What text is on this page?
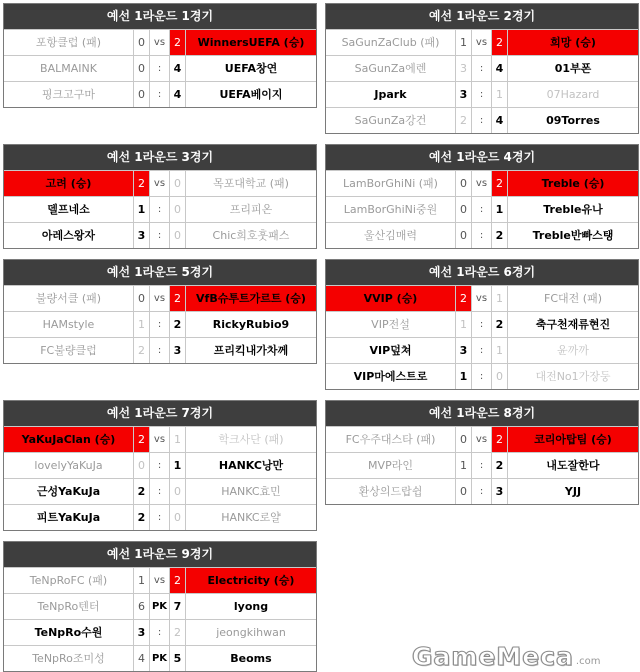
예선 1라운드 1경기
포항클럽 (패)	0 vs 2	WinnersUEFA (승)
BALMAINK	0	:	4	UEFA창연
핑크고구마	0	:	4	UEFA베이지
예선 1라운드 2경기
SaGunZaClub (패)	1 vs 2	희망 (승)
SaGunZa에렌	3	:	4	01부폰
Jpark	3	:	1	07Hazard
SaGunZa강건	2	:	4	09Torres
예선 1라운드 3경기
고려 (승)	2 vs 0	목포대학교 (패)
델프네소	1	:	0	프리피온
아레스왕자	3	:	0	Chic희호훗패스
예선 1라운드 4경기
LamBorGhiNi (패)	0 vs 2	Treble (승)
LamBorGhiNi중원	0	:	1	Treble유나
울산김매력	0	:	2	Treble반빠스탱
예선 1라운드 5경기
불량서클 (패)	0 vs 2	VfB슈투트가르트 (승)
HAMstyle	1	:	2	RickyRubio9
FC불량클럽	2	:	3	프리킥내가차께
예선 1라운드 6경기
VVIP (승)	2 vs 1	FC대전 (패)
VIP전설	1	:	2	축구천재류현진
VIP덮쳐	3	:	1	윤까까
VIP마에스트로	1	:	0	대전No1가장둥
예선 1라운드 7경기
YaKuJaClan (승)	2 vs 1	학크사단 (패)
lovelyYaKuJa	0	:	1	HANKC낭만
근성YaKuJa	2	:	0	HANKC효민
피트YaKuJa	2	:	0	HANKC로얄
예선 1라운드 8경기
FC우주대스타 (패)	0 vs 2	코리아탑팀 (승)
MVP라인	1	:	2	내도잘한다
환상의드랍쉽	0	:	3	YJJ
예선 1라운드 9경기
TeNpRoFC (패)	1 vs 2	Electricity (승)
TeNpRo텐터	6 PK 7	lyong
TeNpRo수원	3	:	2	jeongkihwan
TeNpRo조미성	4 PK 5	Beoms	GameMeca .com
